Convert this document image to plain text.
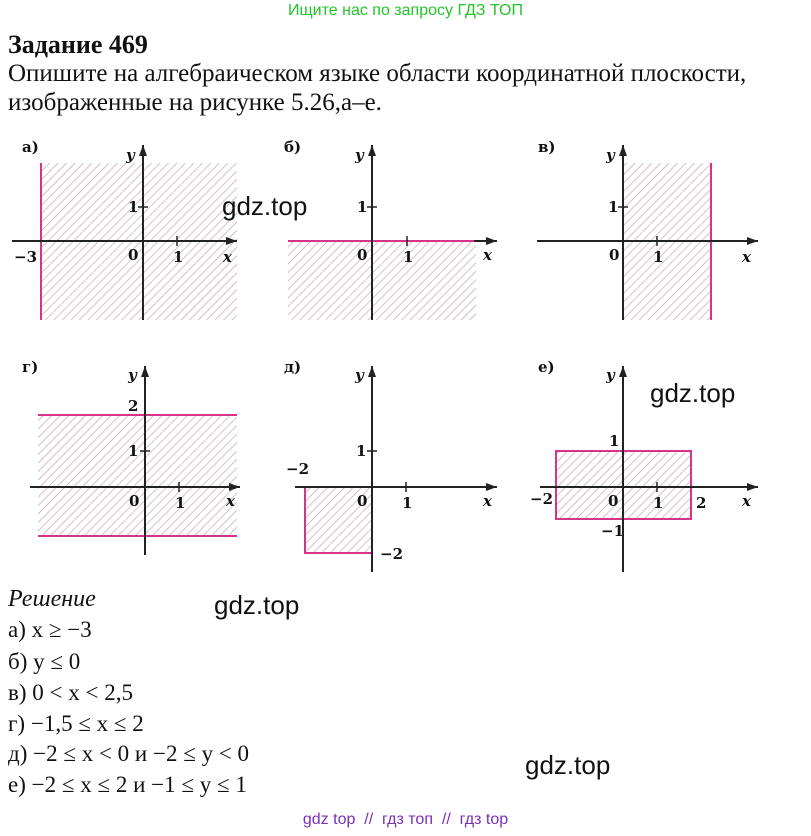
Ищите нас по запросу ГДЗ ТОП
Задание 469
Опишите на алгебраическом языке области координатной плоскости, изображенные на рисунке 5.26,а–е.
а)
−3	0 1
1
x
y	б)
0 1
1
x
y	в)
0 1
1
x
y
г)
0 1
2
1
x
y	д)
−2
0 1
1
−2
x
y	е)
−2	0 1 2
1
−1
x
y
gdz.top
gdz.top
gdz.top
gdz.top
Решение
а) x ≥ −3
б) y ≤ 0
в) 0 < x < 2,5
г) −1,5 ≤ x ≤ 2
д) −2 ≤ x < 0 и −2 ≤ y < 0
е) −2 ≤ x ≤ 2 и −1 ≤ y ≤ 1
gdz top  //  гдз топ  //  гдз top
